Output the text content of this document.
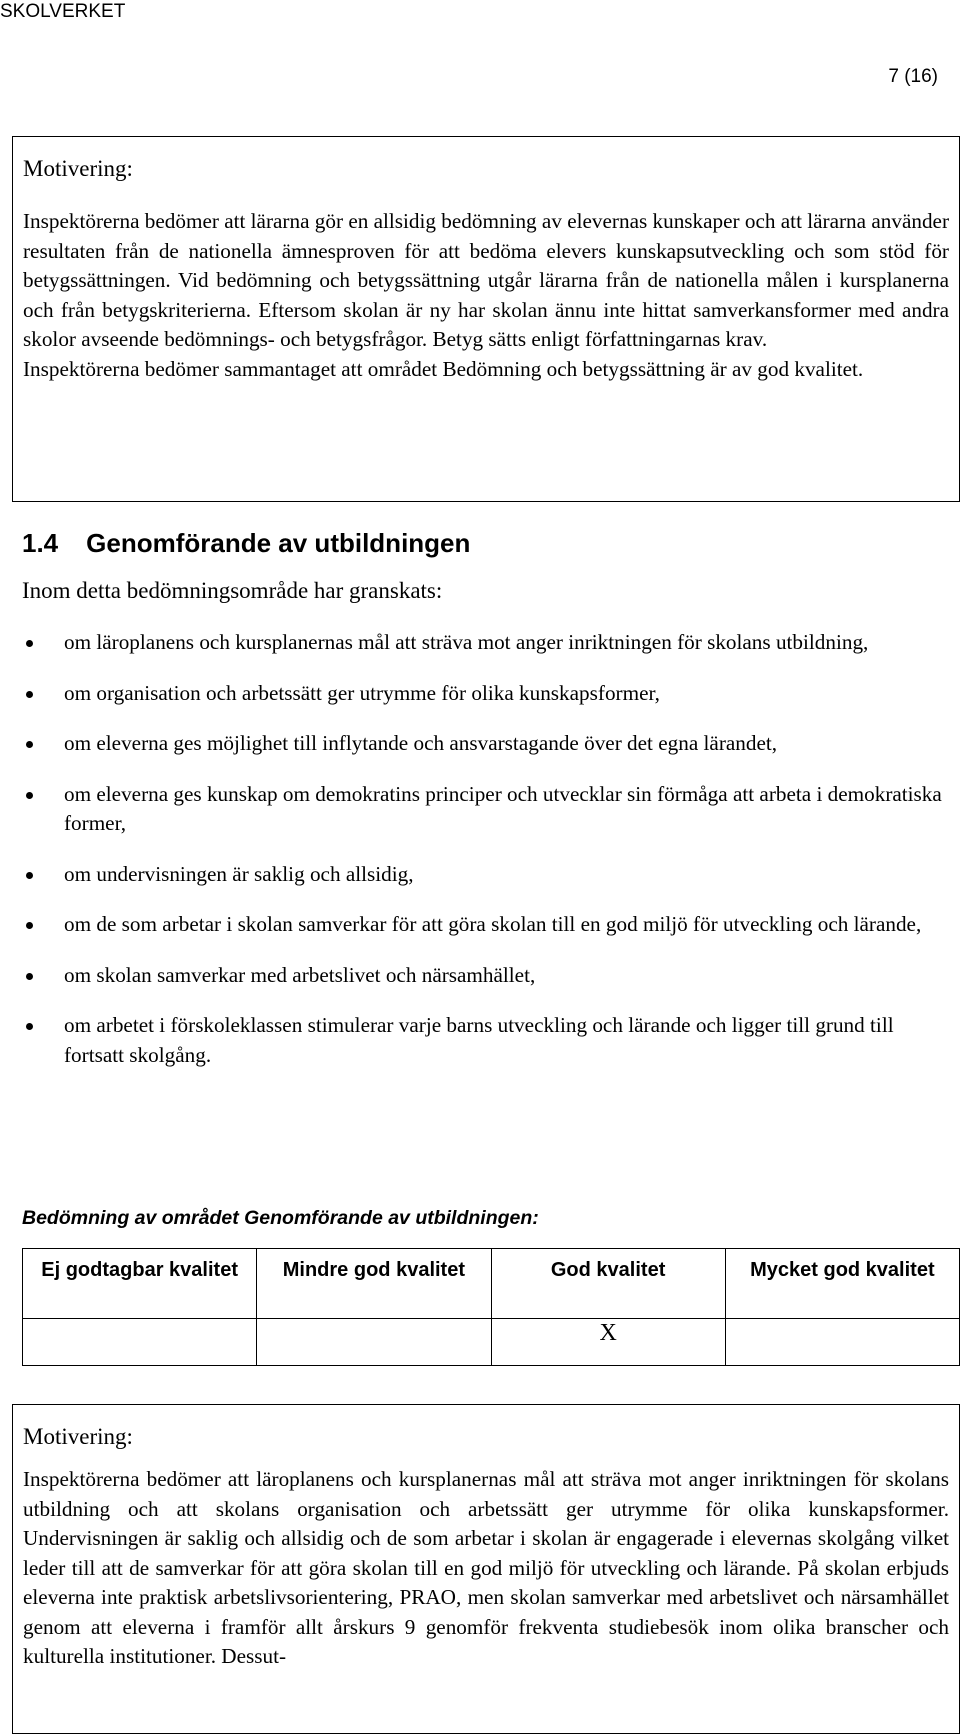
SKOLVERKET
7 (16)
Motivering:

Inspektörerna bedömer att lärarna gör en allsidig bedömning av elevernas kunskaper och att lärarna använder resultaten från de nationella ämnesproven för att bedöma elevers kunskapsutveckling och som stöd för betygssättningen. Vid bedömning och betygssättning utgår lärarna från de nationella målen i kursplanerna och från betygskriterierna. Eftersom skolan är ny har skolan ännu inte hittat samverkansformer med andra skolor avseende bedömnings- och betygsfrågor. Betyg sätts enligt författningarnas krav.

Inspektörerna bedömer sammantaget att området Bedömning och betygssättning är av god kvalitet.

1.4 Genomförande av utbildningen
Inom detta bedömningsområde har granskats:
om läroplanens och kursplanernas mål att sträva mot anger inriktningen för skolans utbildning,
om organisation och arbetssätt ger utrymme för olika kunskapsformer,
om eleverna ges möjlighet till inflytande och ansvarstagande över det egna lärandet,
om eleverna ges kunskap om demokratins principer och utvecklar sin förmåga att arbeta i demokratiska former,
om undervisningen är saklig och allsidig,
om de som arbetar i skolan samverkar för att göra skolan till en god miljö för utveckling och lärande,
om skolan samverkar med arbetslivet och närsamhället,
om arbetet i förskoleklassen stimulerar varje barns utveckling och lärande och ligger till grund till fortsatt skolgång.
Bedömning av området Genomförande av utbildningen:
Ej godtagbar kvalitet	Mindre god kvalitet	God kvalitet	Mycket god kvalitet
		X	
Motivering:

Inspektörerna bedömer att läroplanens och kursplanernas mål att sträva mot anger inriktningen för skolans utbildning och att skolans organisation och arbetssätt ger utrymme för olika kunskapsformer. Undervisningen är saklig och allsidig och de som arbetar i skolan är engagerade i elevernas skolgång vilket leder till att de samverkar för att göra skolan till en god miljö för utveckling och lärande. På skolan erbjuds eleverna inte praktisk arbetslivsorientering, PRAO, men skolan samverkar med arbetslivet och närsamhället genom att eleverna i framför allt årskurs 9 genomför frekventa studiebesök inom olika branscher och kulturella institutioner. Dessut-
